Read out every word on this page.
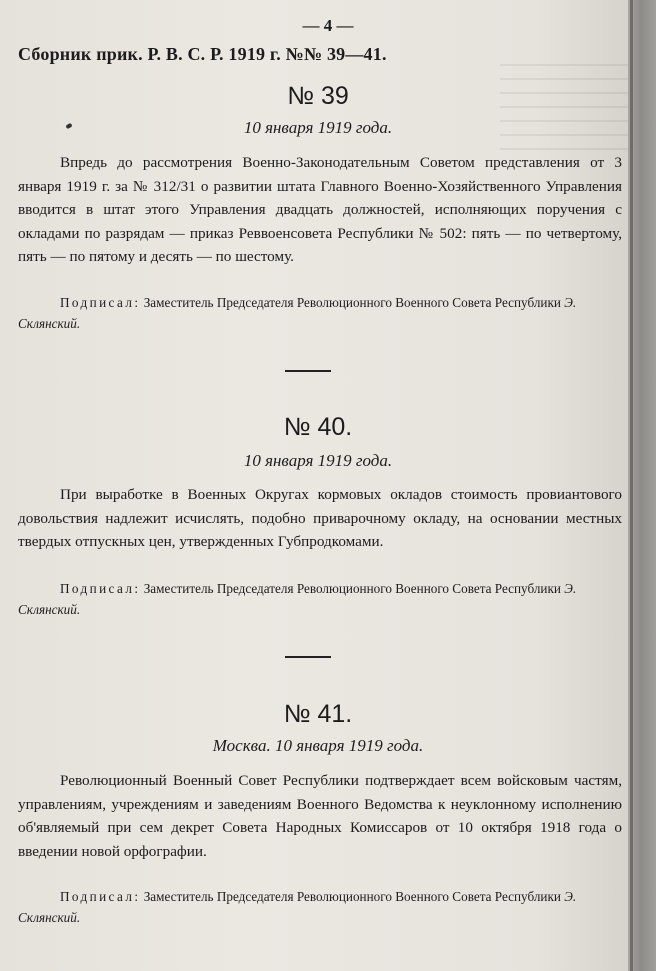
— 4 —
Сборник прик. Р. В. С. Р. 1919 г. №№ 39—41.
№ 39
10 января 1919 года.

Впредь до рассмотрения Военно-Законодательным Советом представления от 3 января 1919 г. за № 312/31 о развитии штата Главного Военно-Хозяйственного Управления вводится в штат этого Управления двадцать должностей, исполняющих поручения с окладами по разрядам — приказ Реввоенсовета Республики № 502: пять — по четвертому, пять — по пятому и десять — по шестому.

Подписал: Заместитель Председателя Революционного Военного Совета Республики Э. Склянский.

№ 40.
10 января 1919 года.

При выработке в Военных Округах кормовых окладов стоимость провиантового довольствия надлежит исчислять, подобно приварочному окладу, на основании местных твердых отпускных цен, утвержденных Губпродкомами.

Подписал: Заместитель Председателя Революционного Военного Совета Республики Э. Склянский.

№ 41.
Москва. 10 января 1919 года.

Революционный Военный Совет Республики подтверждает всем войсковым частям, управлениям, учреждениям и заведениям Военного Ведомства к неуклонному исполнению об'являемый при сем декрет Совета Народных Комиссаров от 10 октября 1918 года о введении новой орфографии.

Подписал: Заместитель Председателя Революционного Военного Совета Республики Э. Склянский.
